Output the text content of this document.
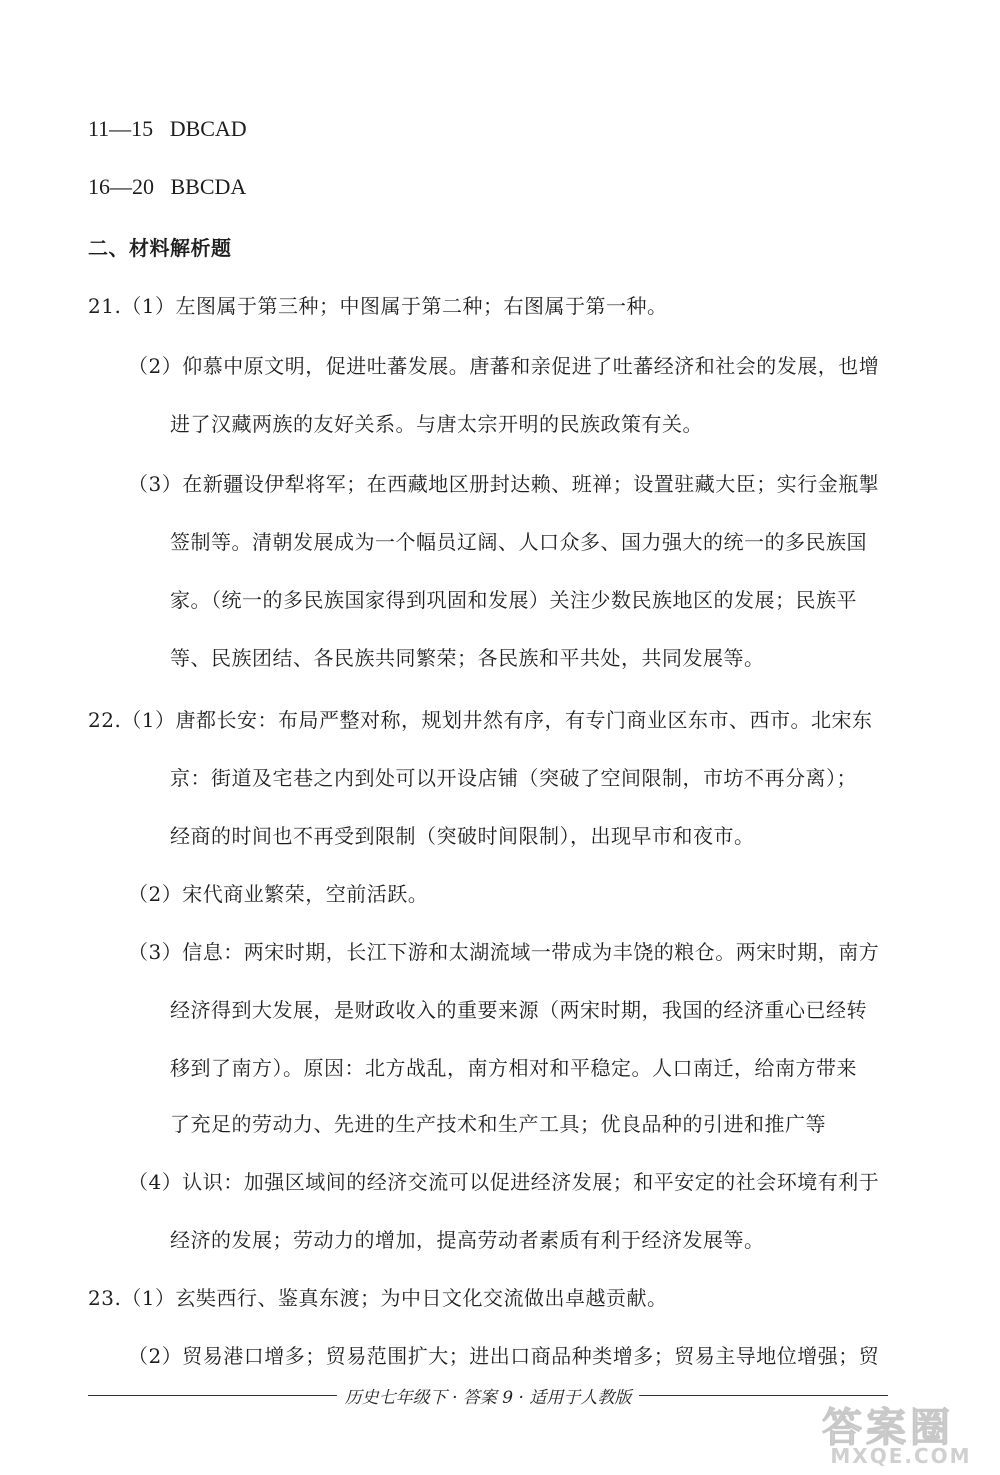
11—15 DBCAD
16—20 BBCDA
二、材料解析题
21.（1）左图属于第三种；中图属于第二种；右图属于第一种。
（2）仰慕中原文明，促进吐蕃发展。唐蕃和亲促进了吐蕃经济和社会的发展，也增
进了汉藏两族的友好关系。与唐太宗开明的民族政策有关。
（3）在新疆设伊犁将军；在西藏地区册封达赖、班禅；设置驻藏大臣；实行金瓶掣
签制等。清朝发展成为一个幅员辽阔、人口众多、国力强大的统一的多民族国
家。（统一的多民族国家得到巩固和发展）关注少数民族地区的发展；民族平
等、民族团结、各民族共同繁荣；各民族和平共处，共同发展等。
22.（1）唐都长安：布局严整对称，规划井然有序，有专门商业区东市、西市。北宋东
京：街道及宅巷之内到处可以开设店铺（突破了空间限制，市坊不再分离）；
经商的时间也不再受到限制（突破时间限制），出现早市和夜市。
（2）宋代商业繁荣，空前活跃。
（3）信息：两宋时期，长江下游和太湖流域一带成为丰饶的粮仓。两宋时期，南方
经济得到大发展，是财政收入的重要来源（两宋时期，我国的经济重心已经转
移到了南方）。原因：北方战乱，南方相对和平稳定。人口南迁，给南方带来
了充足的劳动力、先进的生产技术和生产工具；优良品种的引进和推广等
（4）认识：加强区域间的经济交流可以促进经济发展；和平安定的社会环境有利于
经济的发展；劳动力的增加，提高劳动者素质有利于经济发展等。
23.（1）玄奘西行、鉴真东渡；为中日文化交流做出卓越贡献。
（2）贸易港口增多；贸易范围扩大；进出口商品种类增多；贸易主导地位增强；贸
历史七年级下 · 答案 9 · 适用于人教版
答案圈
MXQE.COM
